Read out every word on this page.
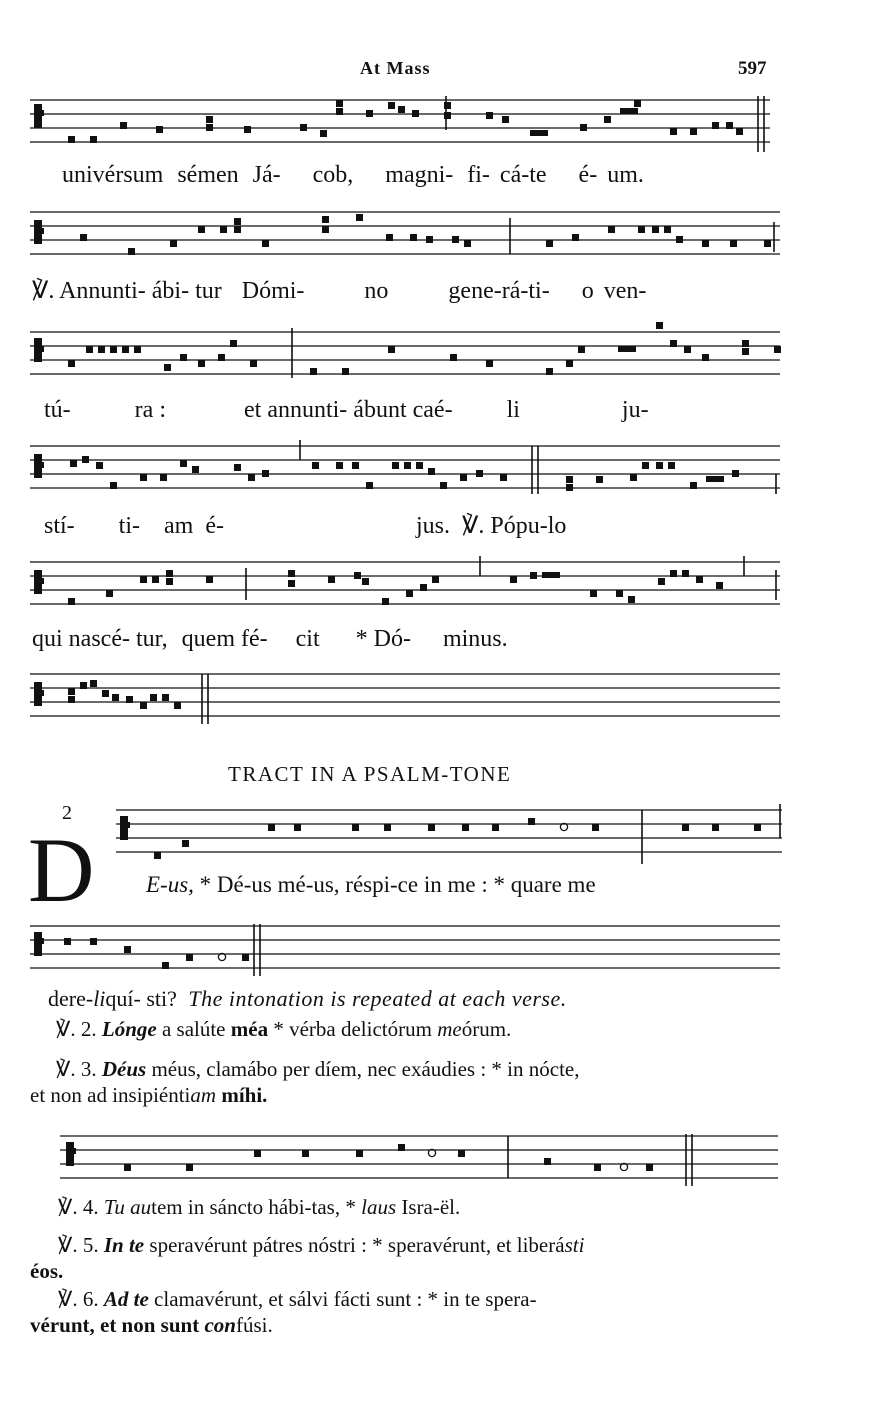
At Mass	597
univérsum sémen Já- cob, magni- fi- cá-te é- um.
℣. Annunti- ábi- tur Dómi-	no	gene-rá-ti- o ven-
tú-	ra :	et annunti- ábunt caé- li	ju-
stí- ti- am é-	jus. ℣. Pópu-lo
qui nascé- tur, quem fé- cit * Dó- minus.
TRACT IN A PSALM-TONE
2
D E-us, * Dé-us mé-us, réspi-ce in me : * quare me
dere-liquí- sti? The intonation is repeated at each verse.
℣. 2. Lónge a salúte méa * vérba delictórum meórum.
℣. 3. Déus méus, clamábo per díem, nec exáudies : * in nócte,
et non ad insipiéntiam míhi.
℣. 4. Tu autem in sáncto hábi-tas, * laus Isra-ël.
℣. 5. In te speravérunt pátres nóstri : * speravérunt, et liberásti
éos.
℣. 6. Ad te clamavérunt, et sálvi fácti sunt : * in te spera-
vérunt, et non sunt confúsi.
